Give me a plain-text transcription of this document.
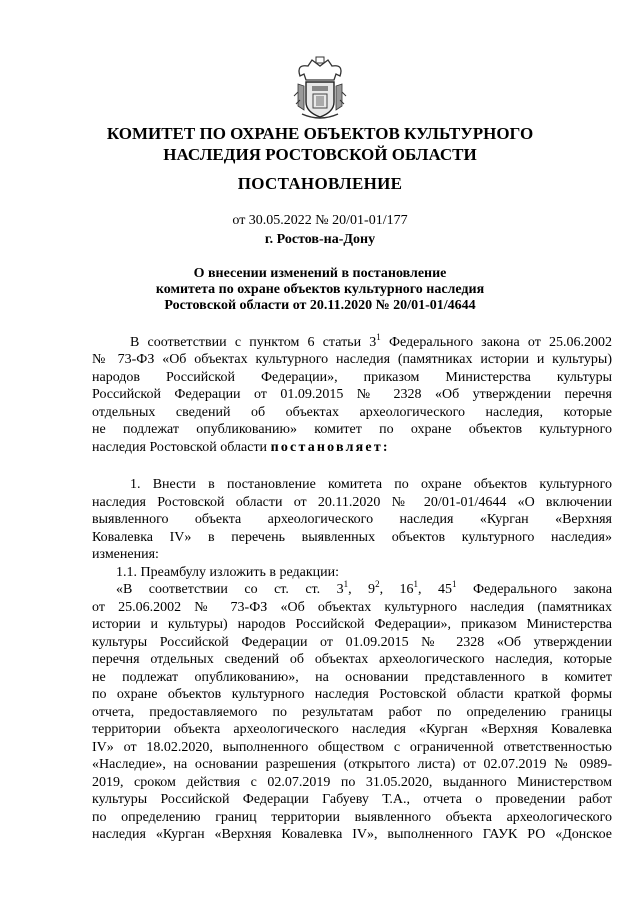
КОМИТЕТ ПО ОХРАНЕ ОБЪЕКТОВ КУЛЬТУРНОГО
НАСЛЕДИЯ РОСТОВСКОЙ ОБЛАСТИ
ПОСТАНОВЛЕНИЕ
от 30.05.2022 № 20/01-01/177
г. Ростов-на-Дону
О внесении изменений в постановление
комитета по охране объектов культурного наследия
Ростовской области от 20.11.2020 № 20/01-01/4644
В соответствии с пунктом 6 статьи $3^1$ Федерального закона от 25.06.2002
№ 73-ФЗ «Об объектах культурного наследия (памятниках истории и культуры)
народов Российской Федерации», приказом Министерства культуры
Российской Федерации от 01.09.2015 № 2328 «Об утверждении перечня
отдельных сведений об объектах археологического наследия, которые
не подлежат опубликованию» комитет по охране объектов культурного
наследия Ростовской области постановляет:
1. Внести в постановление комитета по охране объектов культурного
наследия Ростовской области от 20.11.2020 № 20/01-01/4644 «О включении
выявленного объекта археологического наследия «Курган «Верхняя
Ковалевка IV» в перечень выявленных объектов культурного наследия»
изменения:
1.1. Преамбулу изложить в редакции:
«В соответствии со ст. ст. $3^1$, $9^2$, $16^1$, $45^1$ Федерального закона
от 25.06.2002 № 73-ФЗ «Об объектах культурного наследия (памятниках
истории и культуры) народов Российской Федерации», приказом Министерства
культуры Российской Федерации от 01.09.2015 № 2328 «Об утверждении
перечня отдельных сведений об объектах археологического наследия, которые
не подлежат опубликованию», на основании представленного в комитет
по охране объектов культурного наследия Ростовской области краткой формы
отчета, предоставляемого по результатам работ по определению границы
территории объекта археологического наследия «Курган «Верхняя Ковалевка
IV» от 18.02.2020, выполненного обществом с ограниченной ответственностью
«Наследие», на основании разрешения (открытого листа) от 02.07.2019 № 0989-
2019, сроком действия с 02.07.2019 по 31.05.2020, выданного Министерством
культуры Российской Федерации Габуеву Т.А., отчета о проведении работ
по определению границ территории выявленного объекта археологического
наследия «Курган «Верхняя Ковалевка IV», выполненного ГАУК РО «Донское
